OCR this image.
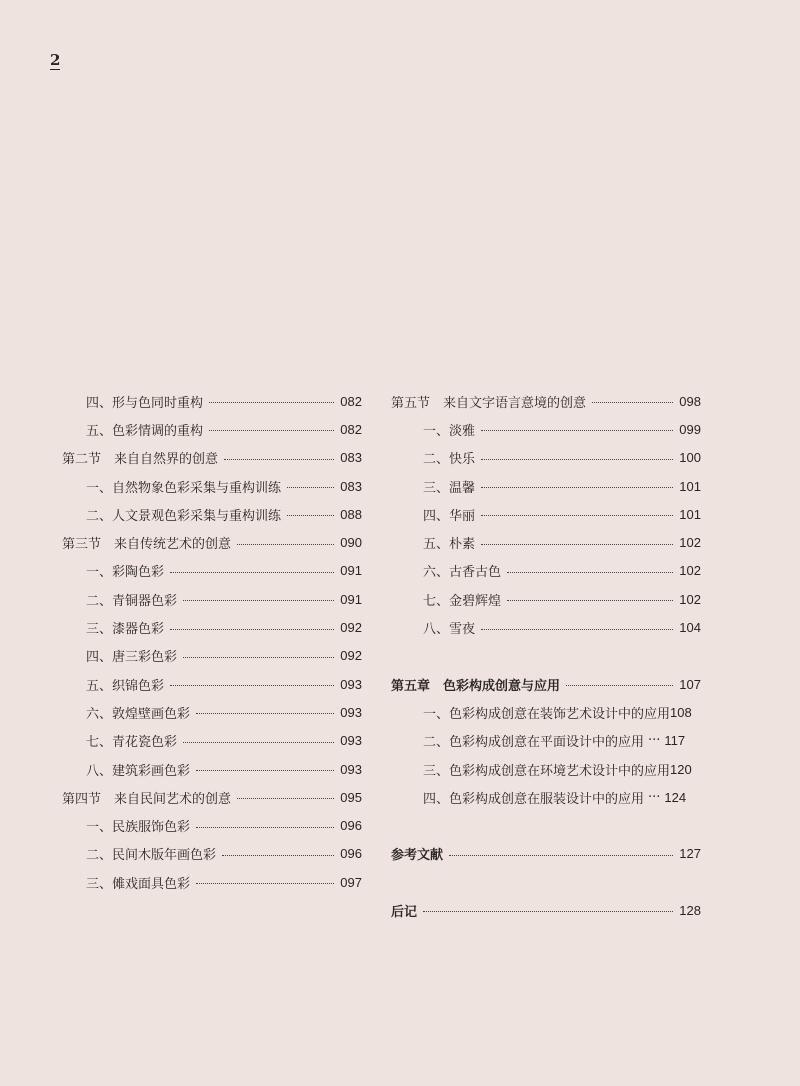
2
四、形与色同时重构	082
五、色彩情调的重构	082
第二节　来自自然界的创意	083
一、自然物象色彩采集与重构训练	083
二、人文景观色彩采集与重构训练	088
第三节　来自传统艺术的创意	090
一、彩陶色彩	091
二、青铜器色彩	091
三、漆器色彩	092
四、唐三彩色彩	092
五、织锦色彩	093
六、敦煌壁画色彩	093
七、青花瓷色彩	093
八、建筑彩画色彩	093
第四节　来自民间艺术的创意	095
一、民族服饰色彩	096
二、民间木版年画色彩	096
三、傩戏面具色彩	097
第五节　来自文字语言意境的创意	098
一、淡雅	099
二、快乐	100
三、温馨	101
四、华丽	101
五、朴素	102
六、古香古色	102
七、金碧辉煌	102
八、雪夜	104
第五章　色彩构成创意与应用	107
一、色彩构成创意在装饰艺术设计中的应用 108
二、色彩构成创意在平面设计中的应用 ··· 117
三、色彩构成创意在环境艺术设计中的应用 120
四、色彩构成创意在服装设计中的应用 ··· 124
参考文献	127
后记	128
